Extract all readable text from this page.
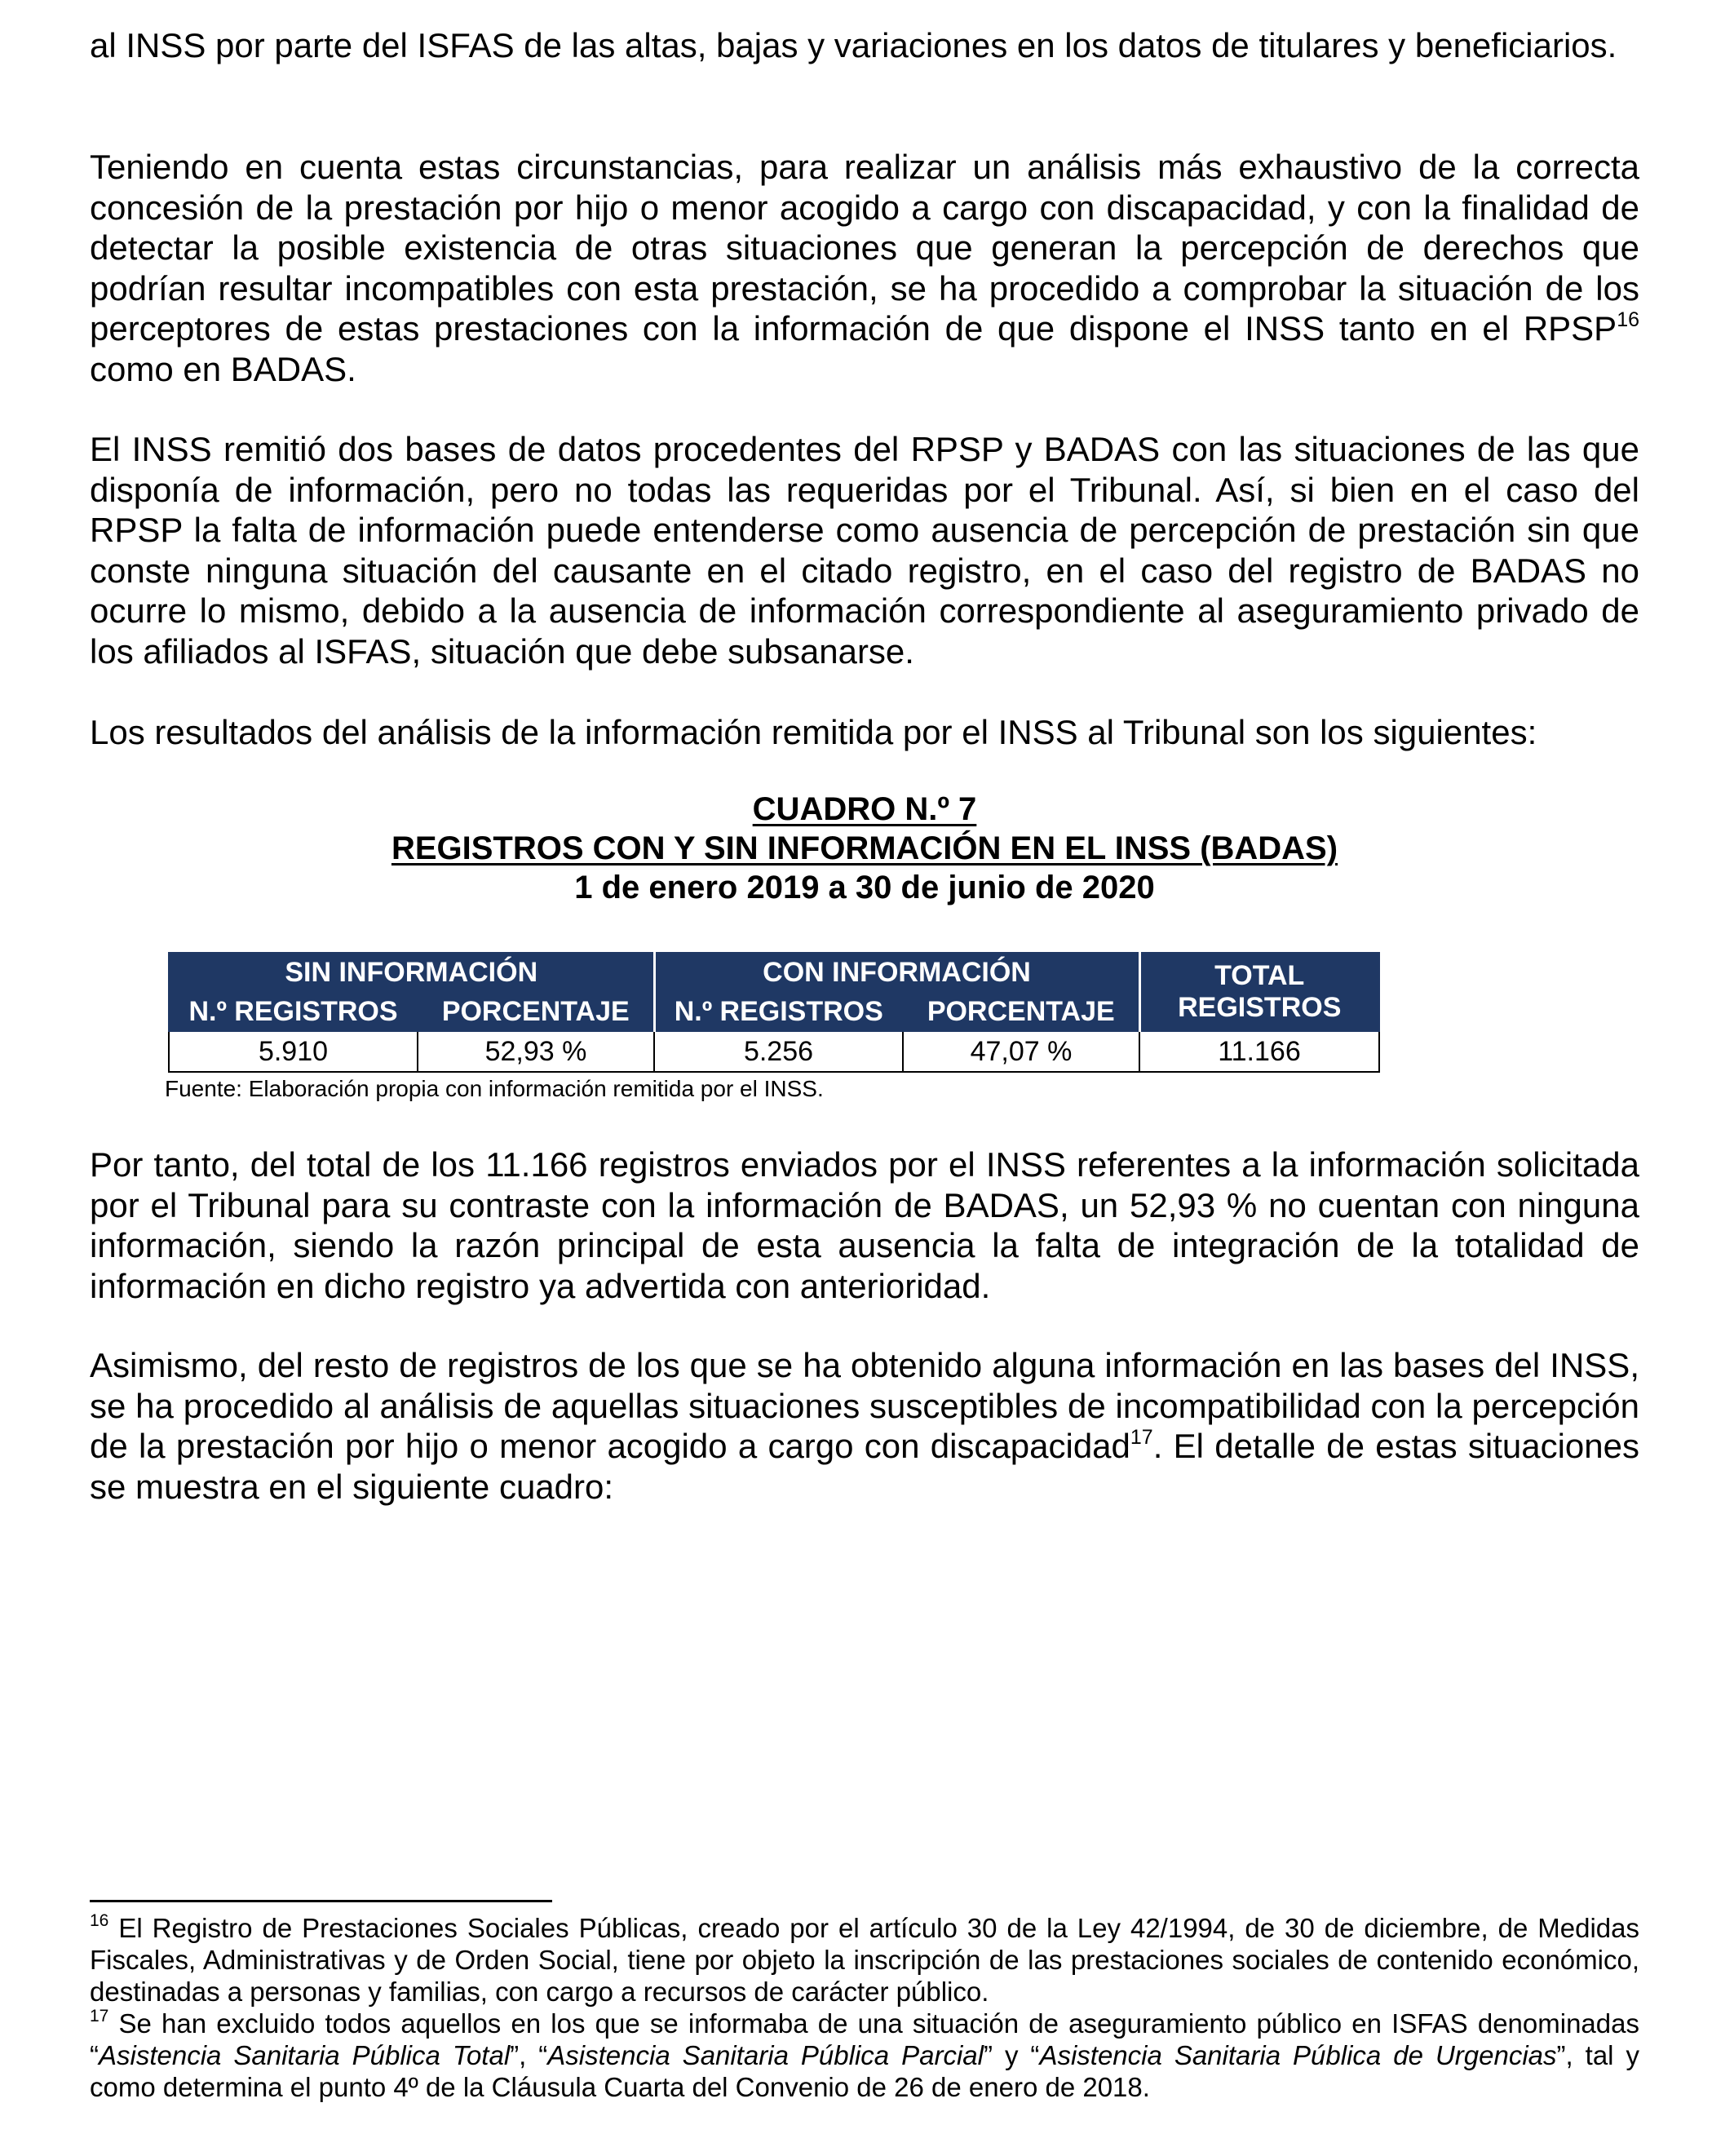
al INSS por parte del ISFAS de las altas, bajas y variaciones en los datos de titulares y beneficiarios.

Teniendo en cuenta estas circunstancias, para realizar un análisis más exhaustivo de la correcta concesión de la prestación por hijo o menor acogido a cargo con discapacidad, y con la finalidad de detectar la posible existencia de otras situaciones que generan la percepción de derechos que podrían resultar incompatibles con esta prestación, se ha procedido a comprobar la situación de los perceptores de estas prestaciones con la información de que dispone el INSS tanto en el RPSP$^{16}$ como en BADAS.

El INSS remitió dos bases de datos procedentes del RPSP y BADAS con las situaciones de las que disponía de información, pero no todas las requeridas por el Tribunal. Así, si bien en el caso del RPSP la falta de información puede entenderse como ausencia de percepción de prestación sin que conste ninguna situación del causante en el citado registro, en el caso del registro de BADAS no ocurre lo mismo, debido a la ausencia de información correspondiente al aseguramiento privado de los afiliados al ISFAS, situación que debe subsanarse.

Los resultados del análisis de la información remitida por el INSS al Tribunal son los siguientes:

CUADRO N.º 7
REGISTROS CON Y SIN INFORMACIÓN EN EL INSS (BADAS)
1 de enero 2019 a 30 de junio de 2020

Por tanto, del total de los 11.166 registros enviados por el INSS referentes a la información solicitada por el Tribunal para su contraste con la información de BADAS, un 52,93 % no cuentan con ninguna información, siendo la razón principal de esta ausencia la falta de integración de la totalidad de información en dicho registro ya advertida con anterioridad.

Asimismo, del resto de registros de los que se ha obtenido alguna información en las bases del INSS, se ha procedido al análisis de aquellas situaciones susceptibles de incompatibilidad con la percepción de la prestación por hijo o menor acogido a cargo con discapacidad$^{17}$. El detalle de estas situaciones se muestra en el siguiente cuadro:

$^{16}$ El Registro de Prestaciones Sociales Públicas, creado por el artículo 30 de la Ley 42/1994, de 30 de diciembre, de Medidas Fiscales, Administrativas y de Orden Social, tiene por objeto la inscripción de las prestaciones sociales de contenido económico, destinadas a personas y familias, con cargo a recursos de carácter público.

$^{17}$ Se han excluido todos aquellos en los que se informaba de una situación de aseguramiento público en ISFAS denominadas “Asistencia Sanitaria Pública Total”, “Asistencia Sanitaria Pública Parcial” y “Asistencia Sanitaria Pública de Urgencias”, tal y como determina el punto 4º de la Cláusula Cuarta del Convenio de 26 de enero de 2018.

SIN INFORMACIÓN		CON INFORMACIÓN		TOTAL REGISTROS
N.º REGISTROS	PORCENTAJE	N.º REGISTROS	PORCENTAJE	
5.910	52,93 %	5.256	47,07 %	11.166
Fuente: Elaboración propia con información remitida por el INSS.
